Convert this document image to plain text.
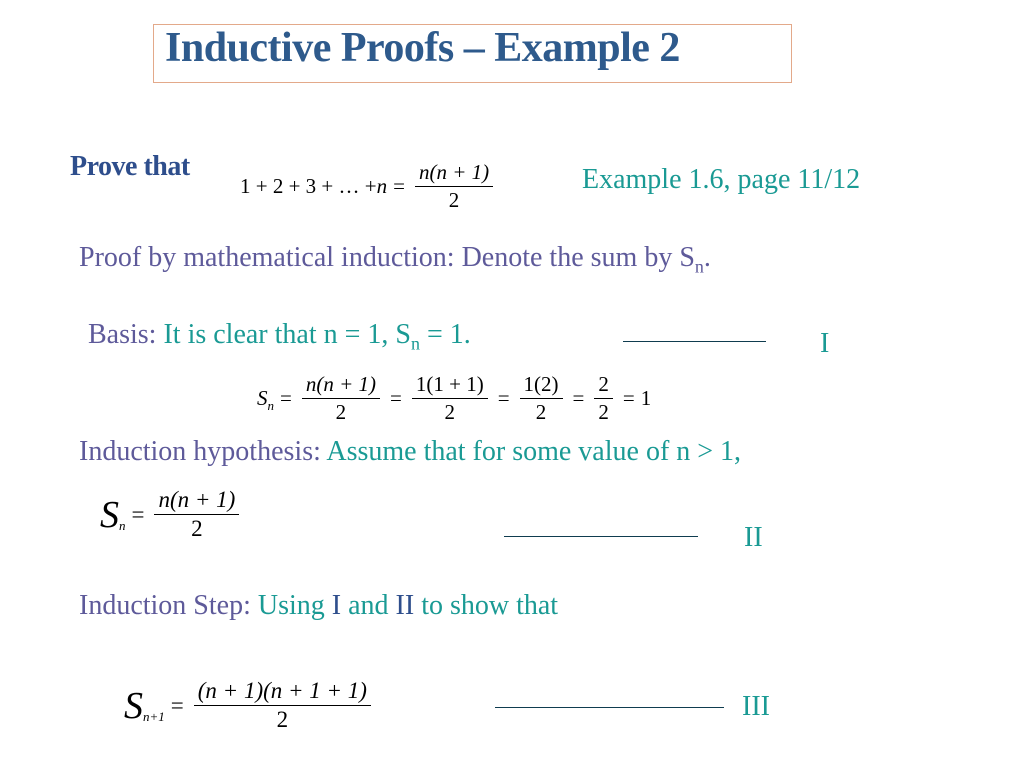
Inductive Proofs – Example 2
Prove that
1 + 2 + 3 + … + $n = \frac{n(n + 1)}{2}$	Example 1.6, page 11/12
Proof by mathematical induction: Denote the sum by $S_n$.
Basis: It is clear that n = 1, $S_n = 1$.	I
$S_n = \frac{n(n + 1)}{2} = \frac{1(1 + 1)}{2} = \frac{1(2)}{2} = \frac{2}{2} = 1$
Induction hypothesis: Assume that for some value of n > 1,
$S_n = \frac{n(n + 1)}{2}$	II
Induction Step: Using I and II to show that
$S_{n+1} = \frac{(n + 1)(n + 1 + 1)}{2}$	III
